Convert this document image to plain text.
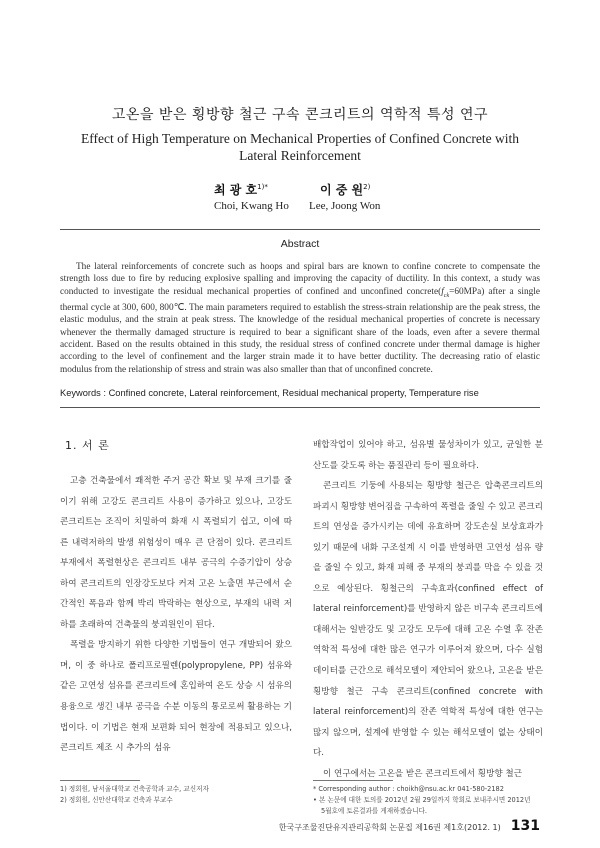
고온을 받은 횡방향 철근 구속 콘크리트의 역학적 특성 연구
Effect of High Temperature on Mechanical Properties of Confined Concrete with
Lateral Reinforcement
최 광 호$^{1)*}$	이 중 원$^{2)}$
Choi, Kwang Ho Lee, Joong Won
Abstract
The lateral reinforcements of concrete such as hoops and spiral bars are known to confine concrete to compensate the strength loss due to fire by reducing explosive spalling and improving the capacity of ductility. In this context, a study was conducted to investigate the residual mechanical properties of confined and unconfined $concrete(f_{ck}=60MPa)$ after a single thermal cycle at 300, 600, 800℃. The main parameters required to establish the stress-strain relationship are the peak stress, the elastic modulus, and the strain at peak stress. The knowledge of the residual mechanical properties of concrete is necessary whenever the thermally damaged structure is required to bear a significant share of the loads, even after a severe thermal accident. Based on the results obtained in this study, the residual stress of confined concrete under thermal damage is higher according to the level of confinement and the larger strain made it to have better ductility. The decreasing ratio of elastic modulus from the relationship of stress and strain was also smaller than that of unconfined concrete.
Keywords : Confined concrete, Lateral reinforcement, Residual mechanical property, Temperature rise
1. 서 론

고층 건축물에서 쾌적한 주거 공간 확보 및 부재 크기를 줄이기 위해 고강도 콘크리트 사용이 증가하고 있으나, 고강도 콘크리트는 조직이 치밀하여 화재 시 폭렬되기 쉽고, 이에 따른 내력저하의 발생 위험성이 매우 큰 단점이 있다. 콘크리트 부재에서 폭렬현상은 콘크리트 내부 공극의 수증기압이 상승하여 콘크리트의 인장강도보다 커져 고온 노출면 부근에서 순간적인 폭음과 함께 박리 박락하는 현상으로, 부재의 내력 저하를 초래하여 건축물의 붕괴원인이 된다.

폭렬을 방지하기 위한 다양한 기법들이 연구 개발되어 왔으며, 이 중 하나로 폴리프로필렌(polypropylene, PP) 섬유와 같은 고연성 섬유를 콘크리트에 혼입하여 온도 상승 시 섬유의 용융으로 생긴 내부 공극을 수분 이동의 통로로써 활용하는 기법이다. 이 기법은 현재 보편화 되어 현장에 적용되고 있으나, 콘크리트 제조 시 추가의 섬유

배합작업이 있어야 하고, 섬유별 물성차이가 있고, 균일한 분산도를 갖도록 하는 품질관리 등이 필요하다.

콘크리트 기둥에 사용되는 횡방향 철근은 압축콘크리트의 파괴시 횡방향 변어짐을 구속하여 폭렬을 줄일 수 있고 콘크리트의 연성을 증가시키는 데에 유효하며 강도손실 보상효과가 있기 때문에 내화 구조설계 시 이를 반영하면 고연성 섬유 량을 줄일 수 있고, 화재 피해 중 부재의 붕괴를 막을 수 있을 것으로 예상된다. 횡철근의 구속효과(confined effect of lateral reinforcement)를 반영하지 않은 비구속 콘크리트에 대해서는 일반강도 및 고강도 모두에 대해 고온 수열 후 잔존 역학적 특성에 대한 많은 연구가 이루어져 왔으며, 다수 실험데이터를 근간으로 해석모델이 제안되어 왔으나, 고온을 받은 횡방향 철근 구속 콘크리트(confined concrete with lateral reinforcement)의 잔존 역학적 특성에 대한 연구는 많지 않으며, 설계에 반영할 수 있는 해석모델이 없는 상태이다.

이 연구에서는 고온을 받은 콘크리트에서 횡방향 철근

1) 정회원, 남서울대학교 건축공학과 교수, 교신저자
2) 정회원, 신안산대학교 건축과 부교수
* Corresponding author : choikh@nsu.ac.kr 041-580-2182
• 본 논문에 대한 토의를 2012년 2월 29일까지 학회로 보내주시면 2012년
5월호에 토론결과를 게재하겠습니다.
한국구조물진단유지관리공학회 논문집 제16권 제1호(2012. 1) 131
